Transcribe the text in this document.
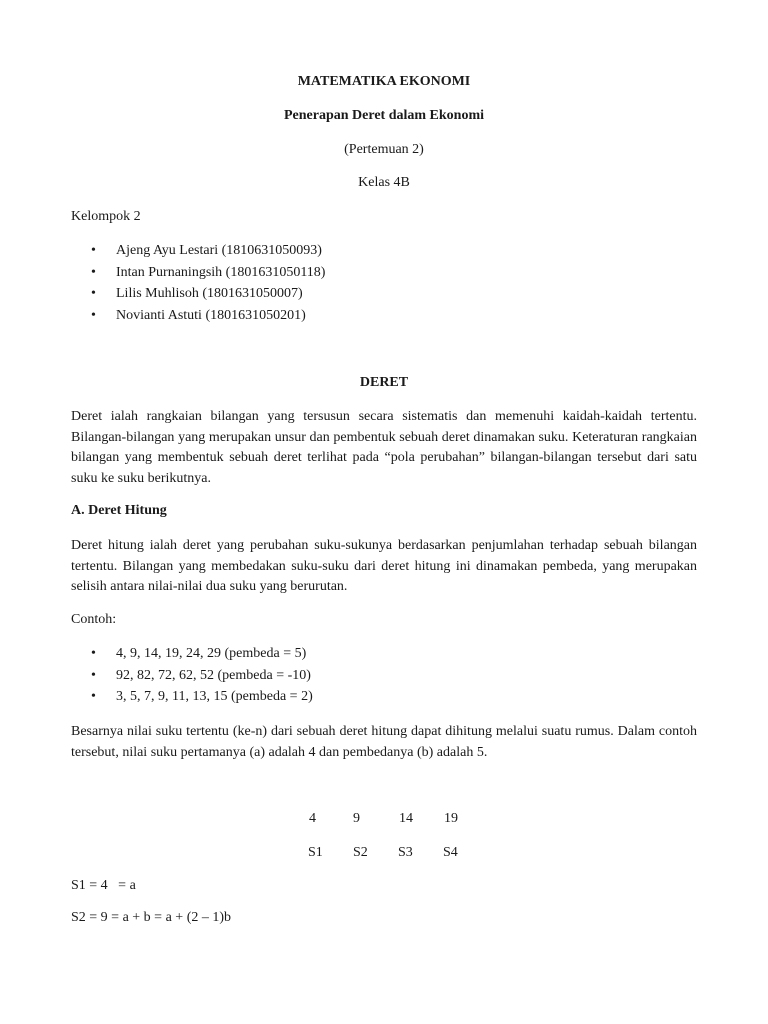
MATEMATIKA EKONOMI
Penerapan Deret dalam Ekonomi
(Pertemuan 2)
Kelas 4B
Kelompok 2
• Ajeng Ayu Lestari (1810631050093)
• Intan Purnaningsih (1801631050118)
• Lilis Muhlisoh (1801631050007)
• Novianti Astuti (1801631050201)
DERET
Deret ialah rangkaian bilangan yang tersusun secara sistematis dan memenuhi kaidah-kaidah tertentu. Bilangan-bilangan yang merupakan unsur dan pembentuk sebuah deret dinamakan suku. Keteraturan rangkaian bilangan yang membentuk sebuah deret terlihat pada “pola perubahan” bilangan-bilangan tersebut dari satu suku ke suku berikutnya.
A. Deret Hitung
Deret hitung ialah deret yang perubahan suku-sukunya berdasarkan penjumlahan terhadap sebuah bilangan tertentu. Bilangan yang membedakan suku-suku dari deret hitung ini dinamakan pembeda, yang merupakan selisih antara nilai-nilai dua suku yang berurutan.
Contoh:
• 4, 9, 14, 19, 24, 29 (pembeda = 5)
• 92, 82, 72, 62, 52 (pembeda = -10)
• 3, 5, 7, 9, 11, 13, 15 (pembeda = 2)
Besarnya nilai suku tertentu (ke-n) dari sebuah deret hitung dapat dihitung melalui suatu rumus. Dalam contoh tersebut, nilai suku pertamanya (a) adalah 4 dan pembedanya (b) adalah 5.
4	9	14	19
S1	S2	S3	S4
S1 = 4   = a
S2 = 9 = a + b = a + (2 – 1)b
